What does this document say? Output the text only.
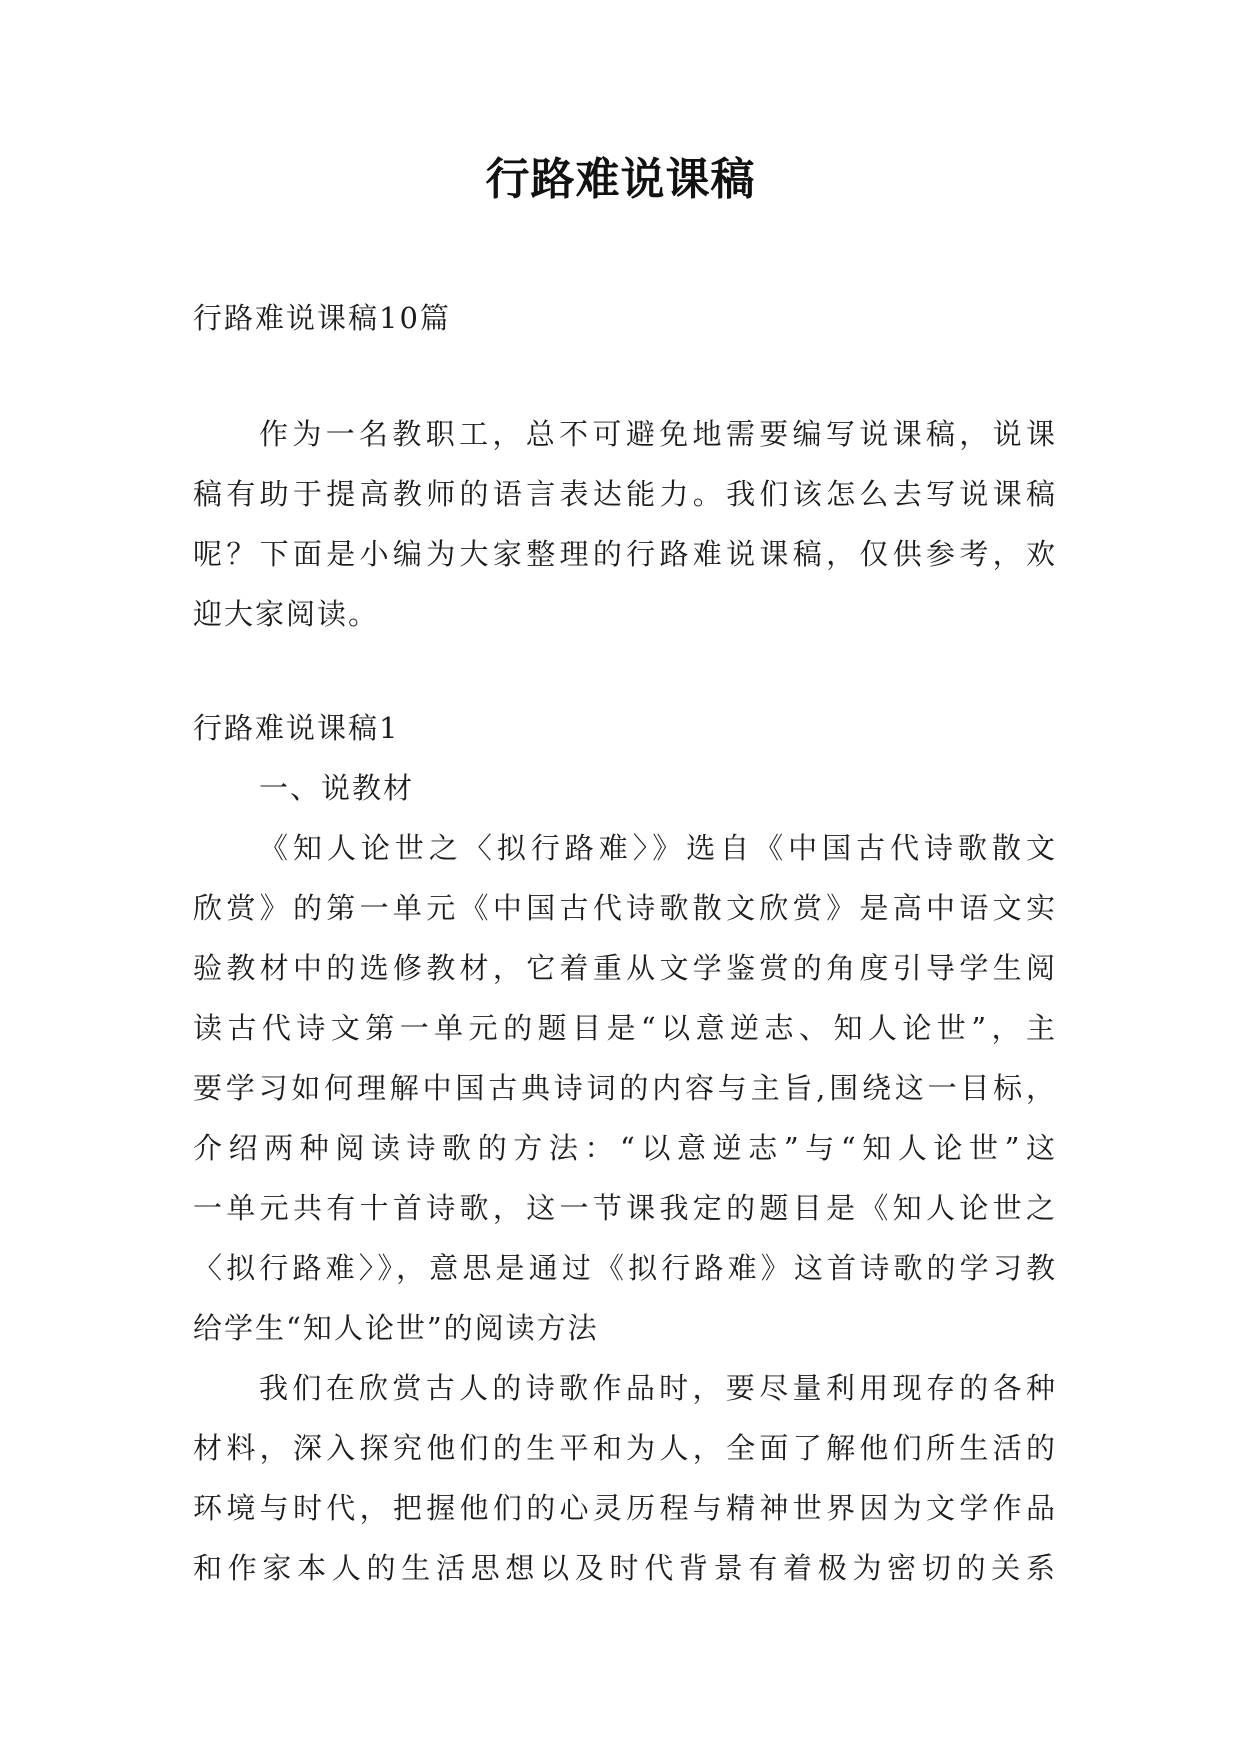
行路难说课稿
行路难说课稿10篇
作为一名教职工，总不可避免地需要编写说课稿，说课
稿有助于提高教师的语言表达能力。我们该怎么去写说课稿
呢？下面是小编为大家整理的行路难说课稿，仅供参考，欢
迎大家阅读。
行路难说课稿1
一、说教材
《知人论世之〈拟行路难〉》选自《中国古代诗歌散文
欣赏》的第一单元《中国古代诗歌散文欣赏》是高中语文实
验教材中的选修教材，它着重从文学鉴赏的角度引导学生阅
读古代诗文第一单元的题目是“以意逆志、知人论世”，主
要学习如何理解中国古典诗词的内容与主旨,围绕这一目标，
介绍两种阅读诗歌的方法：“以意逆志”与“知人论世”这
一单元共有十首诗歌，这一节课我定的题目是《知人论世之
〈拟行路难〉》，意思是通过《拟行路难》这首诗歌的学习教
给学生“知人论世”的阅读方法
我们在欣赏古人的诗歌作品时，要尽量利用现存的各种
材料，深入探究他们的生平和为人，全面了解他们所生活的
环境与时代，把握他们的心灵历程与精神世界因为文学作品
和作家本人的生活思想以及时代背景有着极为密切的关系
